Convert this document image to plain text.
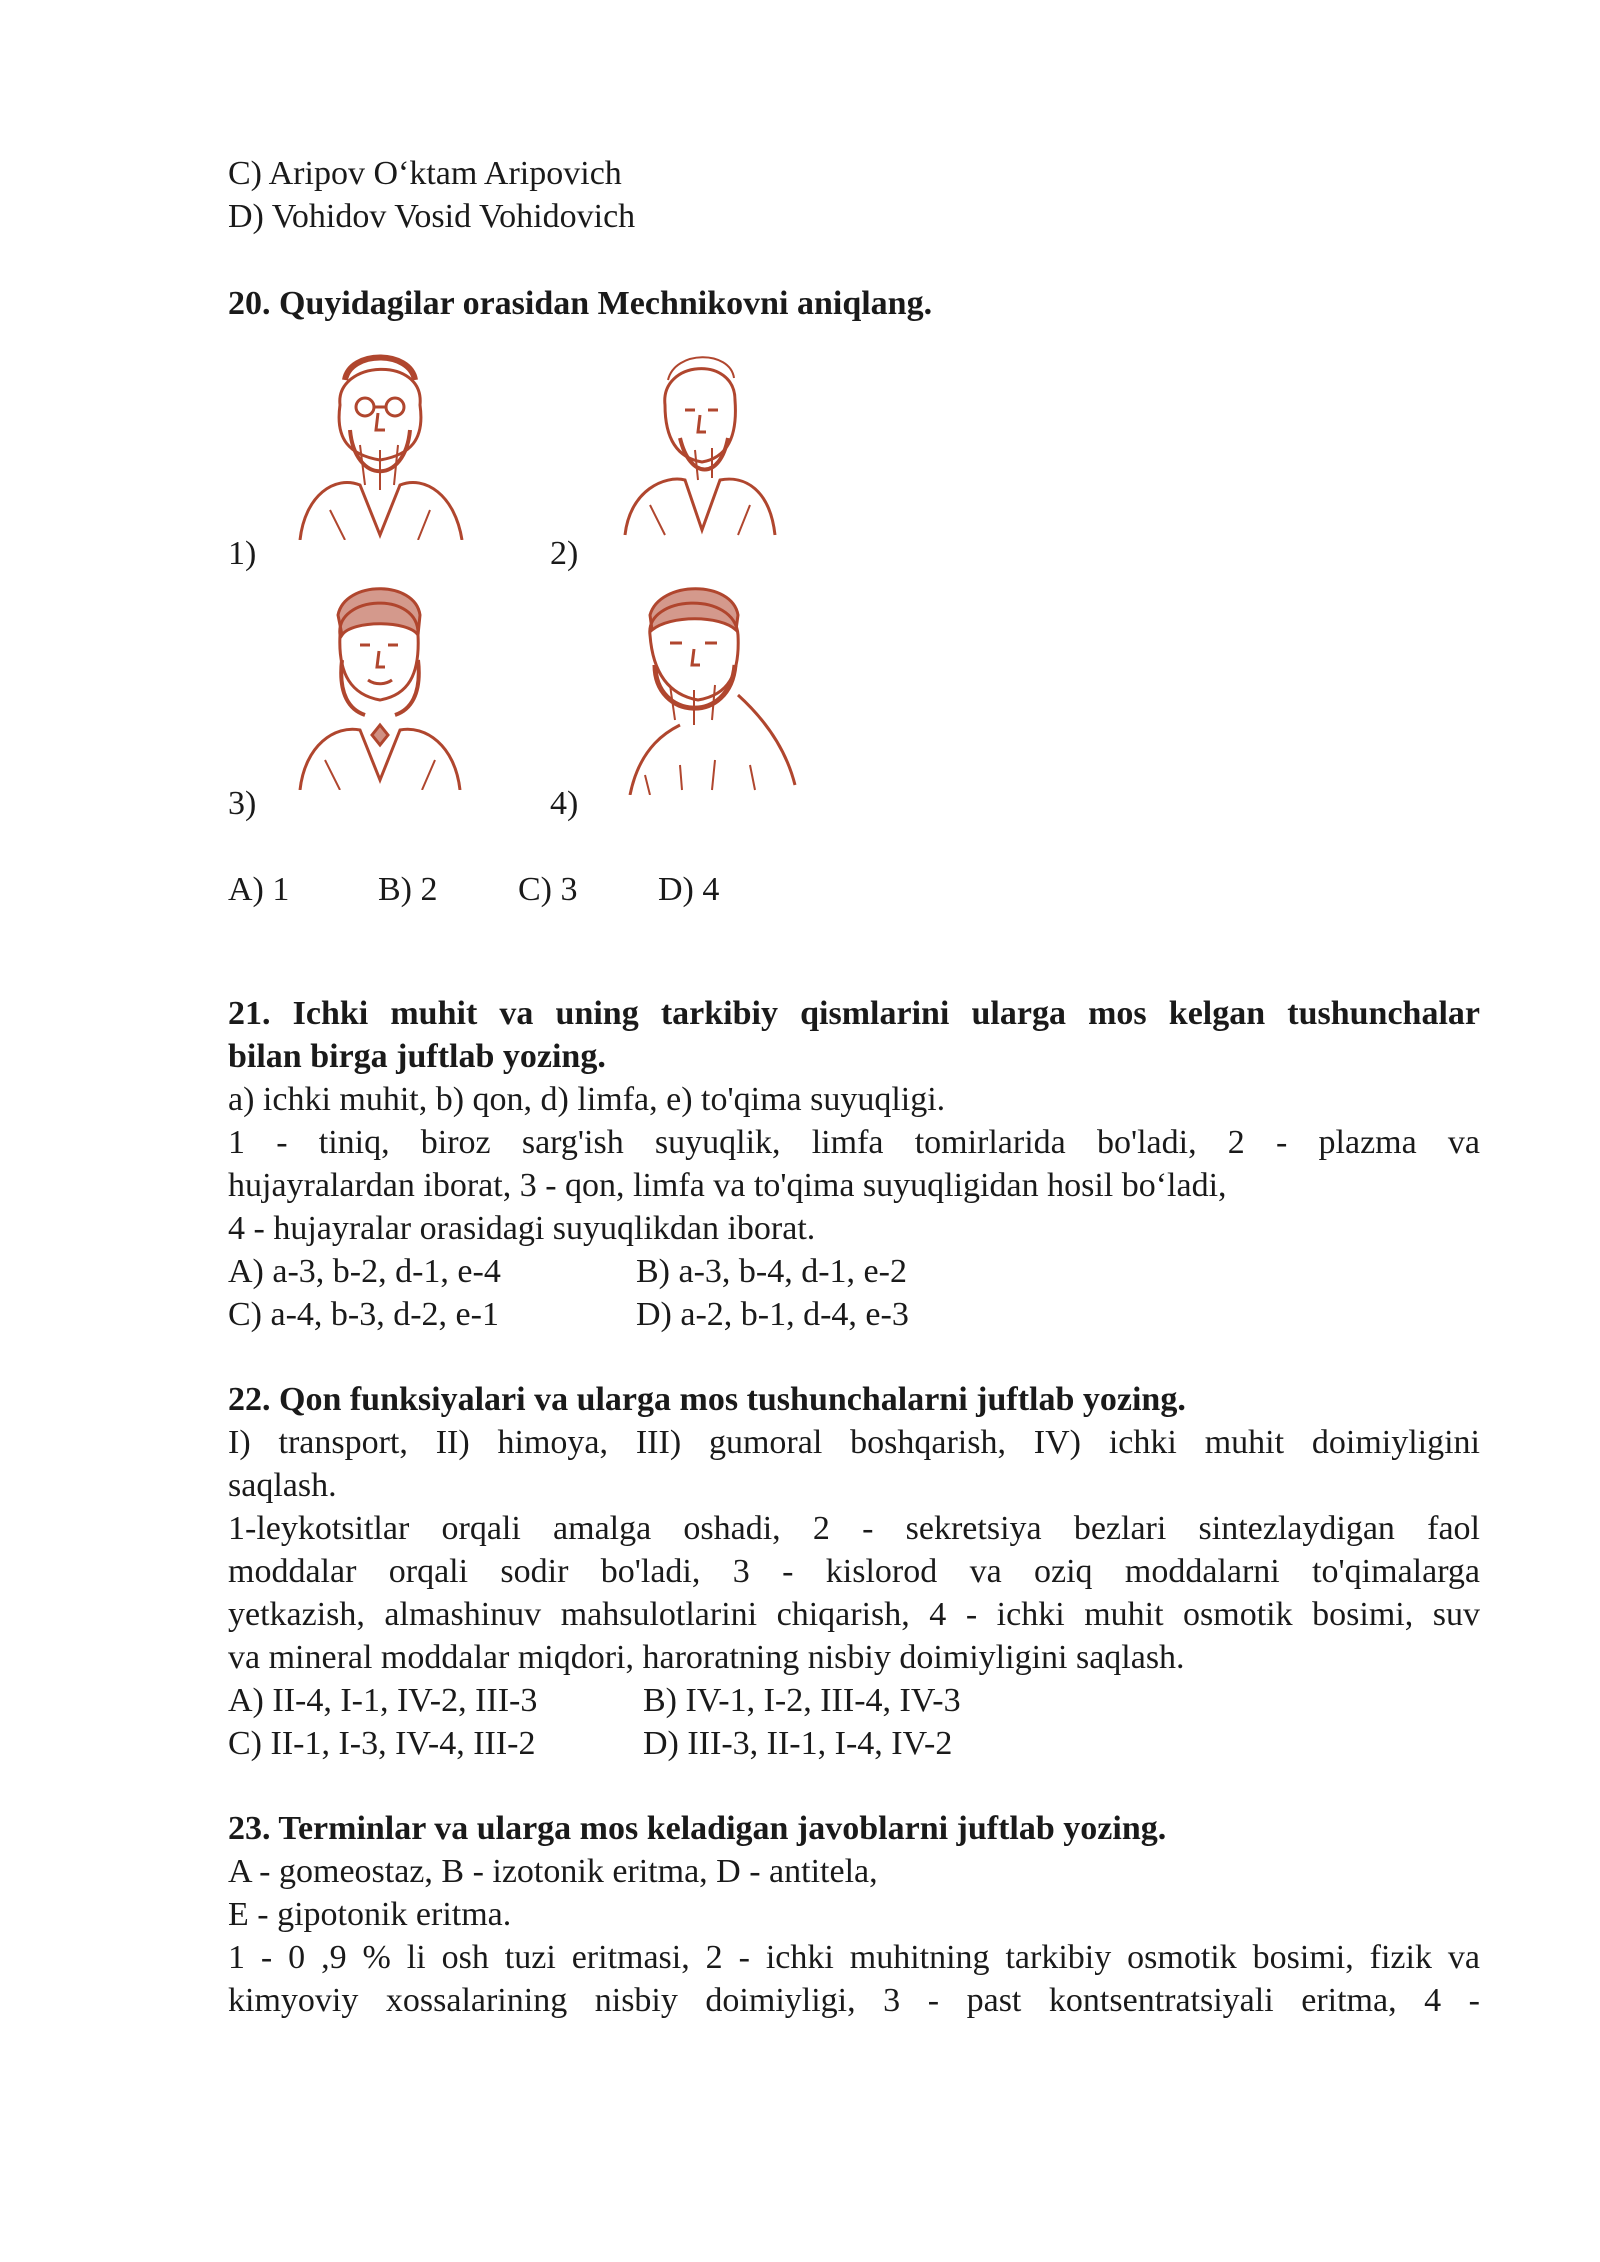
C) Aripov O‘ktam Aripovich
D) Vohidov Vosid Vohidovich
20. Quyidagilar orasidan Mechnikovni aniqlang.
1)	2)
3)	4)
A) 1	B) 2 C) 3 D) 4
21. Ichki muhit va uning tarkibiy qismlarini ularga mos kelgan tushunchalar
bilan birga juftlab yozing.
a) ichki muhit, b) qon, d) limfa, e) to'qima suyuqligi.
1 - tiniq, biroz sarg'ish suyuqlik, limfa tomirlarida bo'ladi, 2 - plazma va
hujayralardan iborat, 3 - qon, limfa va to'qima suyuqligidan hosil bo‘ladi,
4 - hujayralar orasidagi suyuqlikdan iborat.
A) a-3, b-2, d-1, e-4	B) a-3, b-4, d-1, e-2
C) a-4, b-3, d-2, e-1	D) a-2, b-1, d-4, e-3
22. Qon funksiyalari va ularga mos tushunchalarni juftlab yozing.
I) transport, II) himoya, III) gumoral boshqarish, IV) ichki muhit doimiyligini
saqlash.
1-leykotsitlar orqali amalga oshadi, 2 - sekretsiya bezlari sintezlaydigan faol
moddalar orqali sodir bo'ladi, 3 - kislorod va oziq moddalarni to'qimalarga
yetkazish, almashinuv mahsulotlarini chiqarish, 4 - ichki muhit osmotik bosimi, suv
va mineral moddalar miqdori, haroratning nisbiy doimiyligini saqlash.
A) II-4, I-1, IV-2, III-3	B) IV-1, I-2, III-4, IV-3
C) II-1, I-3, IV-4, III-2	D) III-3, II-1, I-4, IV-2
23. Terminlar va ularga mos keladigan javoblarni juftlab yozing.
A - gomeostaz, B - izotonik eritma, D - antitela,
E - gipotonik eritma.
1 - 0 ,9 % li osh tuzi eritmasi, 2 - ichki muhitning tarkibiy osmotik bosimi, fizik va
kimyoviy xossalarining nisbiy doimiyligi, 3 - past kontsentratsiyali eritma, 4 -
